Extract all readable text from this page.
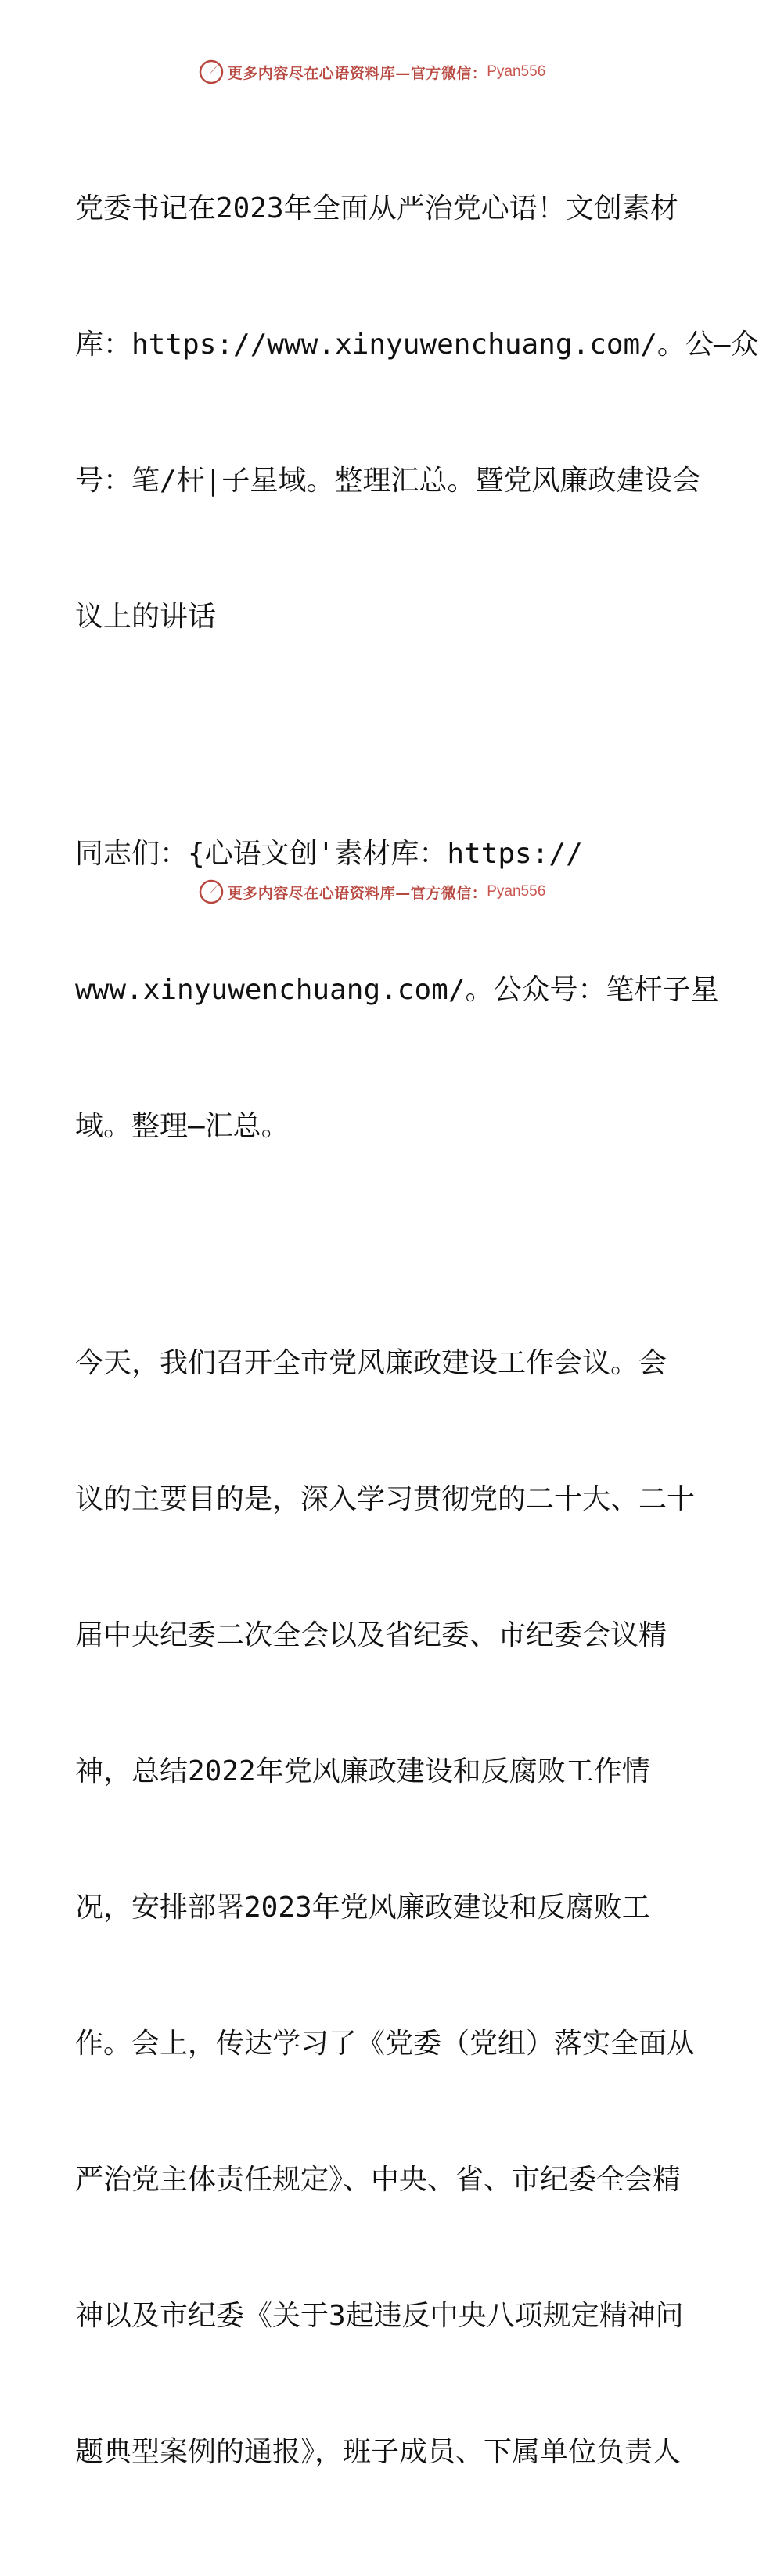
更多内容尽在心语资料库—官方微信： Pyan556

党委书记在2023年全面从严治党心语！文创素材

库：https://www.xinyuwenchuang.com/。公—众

号：笔/杆|子星域。整理汇总。暨党风廉政建设会

议上的讲话

同志们：{心语文创'素材库：https://

www.xinyuwenchuang.com/。公众号：笔杆子星

域。整理—汇总。

今天，我们召开全市党风廉政建设工作会议。会

议的主要目的是，深入学习贯彻党的二十大、二十

届中央纪委二次全会以及省纪委、市纪委会议精

神，总结2022年党风廉政建设和反腐败工作情

况，安排部署2023年党风廉政建设和反腐败工

作。会上，传达学习了《党委（党组）落实全面从

严治党主体责任规定》、中央、省、市纪委全会精

神以及市纪委《关于3起违反中央八项规定精神问

题典型案例的通报》，班子成员、下属单位负责人

更多内容尽在心语资料库—官方微信： Pyan556
